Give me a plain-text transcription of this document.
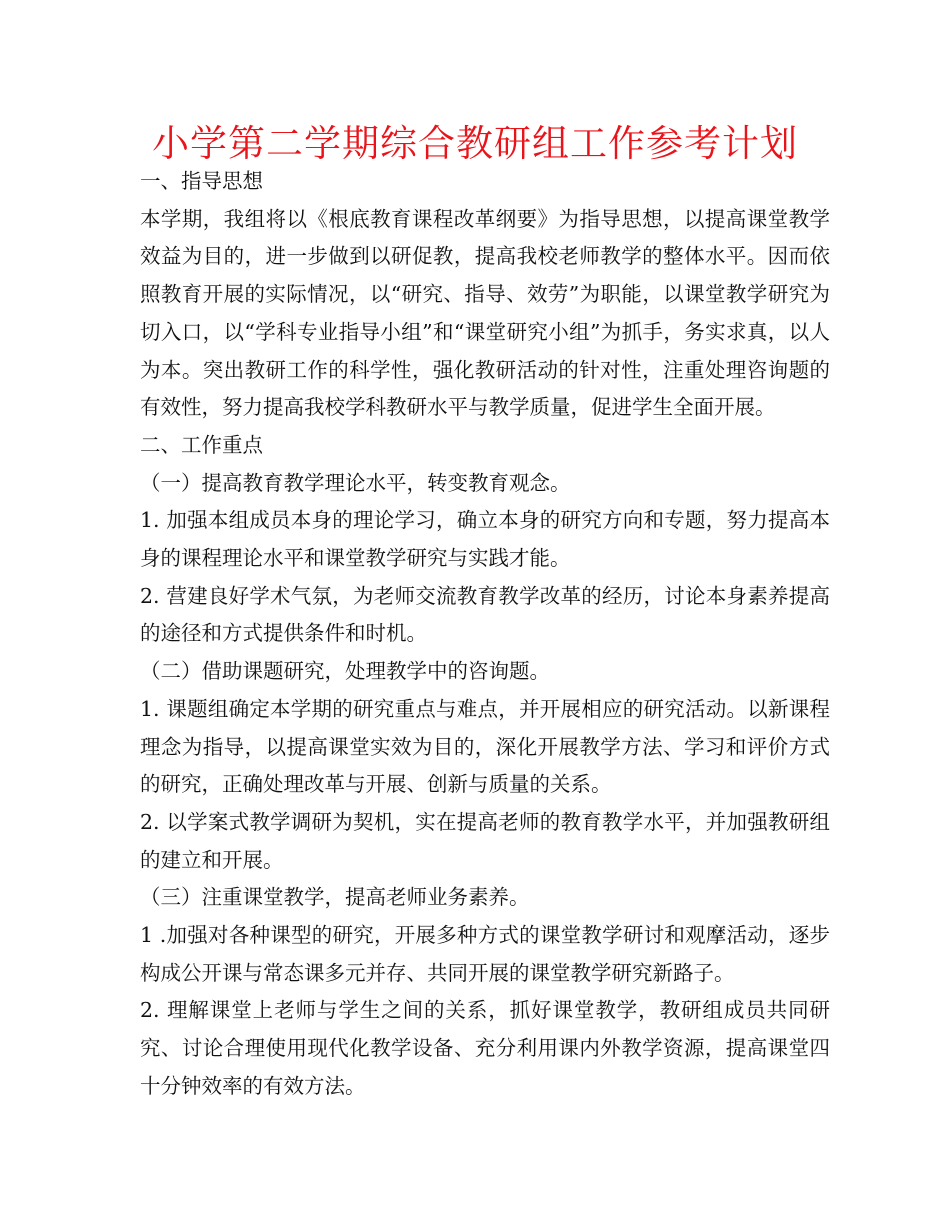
小学第二学期综合教研组工作参考计划

一、指导思想

本学期，我组将以《根底教育课程改革纲要》为指导思想，以提高课堂教学效益为目的，进一步做到以研促教，提高我校老师教学的整体水平。因而依照教育开展的实际情况，以“研究、指导、效劳”为职能，以课堂教学研究为切入口，以“学科专业指导小组”和“课堂研究小组”为抓手，务实求真，以人为本。突出教研工作的科学性，强化教研活动的针对性，注重处理咨询题的有效性，努力提高我校学科教研水平与教学质量，促进学生全面开展。

二、工作重点

（一）提高教育教学理论水平，转变教育观念。

1. 加强本组成员本身的理论学习，确立本身的研究方向和专题，努力提高本身的课程理论水平和课堂教学研究与实践才能。

2. 营建良好学术气氛，为老师交流教育教学改革的经历，讨论本身素养提高的途径和方式提供条件和时机。

（二）借助课题研究，处理教学中的咨询题。

1. 课题组确定本学期的研究重点与难点，并开展相应的研究活动。以新课程理念为指导，以提高课堂实效为目的，深化开展教学方法、学习和评价方式的研究，正确处理改革与开展、创新与质量的关系。

2. 以学案式教学调研为契机，实在提高老师的教育教学水平，并加强教研组的建立和开展。

（三）注重课堂教学，提高老师业务素养。

1 .加强对各种课型的研究，开展多种方式的课堂教学研讨和观摩活动，逐步构成公开课与常态课多元并存、共同开展的课堂教学研究新路子。

2. 理解课堂上老师与学生之间的关系，抓好课堂教学，教研组成员共同研究、讨论合理使用现代化教学设备、充分利用课内外教学资源，提高课堂四十分钟效率的有效方法。
